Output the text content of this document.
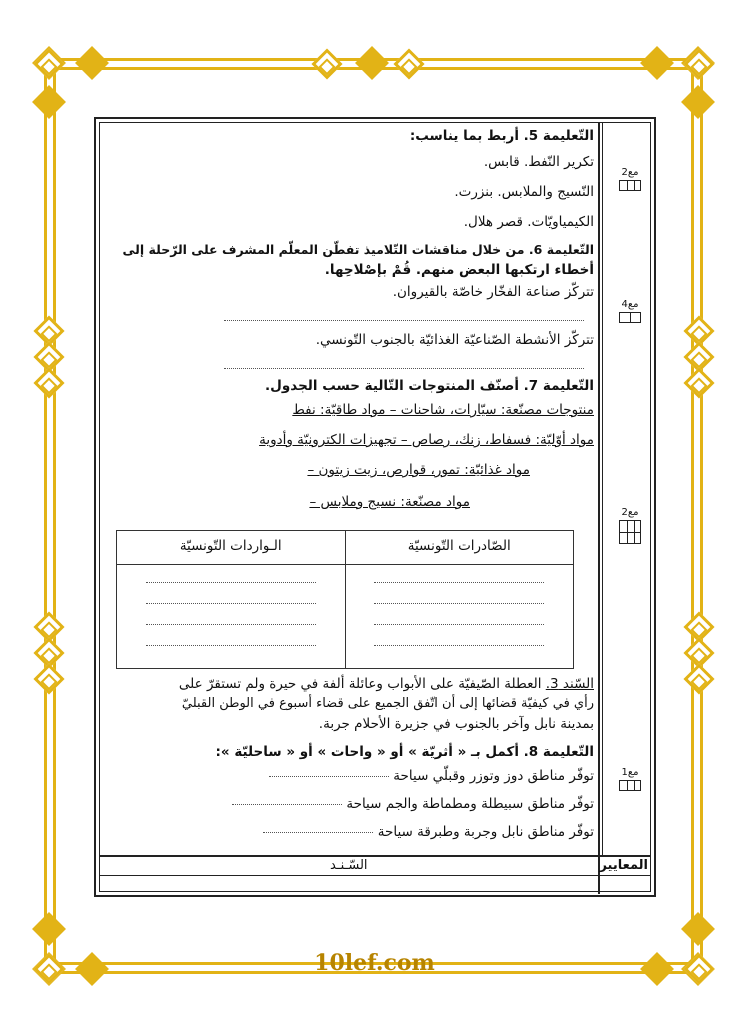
التّعليمة 5. أربط بما يناسب:
تكرير النّفط. قابس.
النّسيج والملابس. بنزرت.
الكيمياويّات. قصر هلال.
التّعليمة 6. من خلال مناقشات التّلاميذ تفطّن المعلّم المشرف على الرّحلة إلى
أخطاء ارتكبها البعض منهم. قُمْ بإصْلاحِها.
تتركّز صناعة الفخّار خاصّة بالقيروان.
تتركّز الأنشطة الصّناعيّة الغذائيّة بالجنوب التّونسي.
التّعليمة 7. أصنّف المنتوجات التّالية حسب الجدول.
منتوجات مصنّعة: سيّارات، شاحنات – مواد طاقيّة: نفط
مواد أوّليّة: فسفاط، زنك، رصاص – تجهيزات الكترونيّة وأدوية
مواد غذائيّة: تمور، قوارص، زيت زيتون –
مواد مصنّعة: نسيج وملابس –
الصّادرات التّونسيّة	الـواردات التّونسيّة

السّند 3. العطلة الصّيفيّة على الأبواب وعائلة ألفة في حيرة ولم تستقرّ على
رأي في كيفيّة قضائها إلى أن اتّفق الجميع على قضاء أسبوع في الوطن القبليّ
بمدينة نابل وآخر بالجنوب في جزيرة الأحلام جربة.
التّعليمة 8. أكمل بـ « أثريّة » أو « واحات » أو « ساحليّة »:
توفّر مناطق دوز وتوزر وقبلّي سياحة
توفّر مناطق سبيطلة ومطماطة والجم سياحة
توفّر مناطق نابل وجربة وطبرقة سياحة
مع2
مع4
مع2
مع1
المعايير
السّـنـد
10lef.com
